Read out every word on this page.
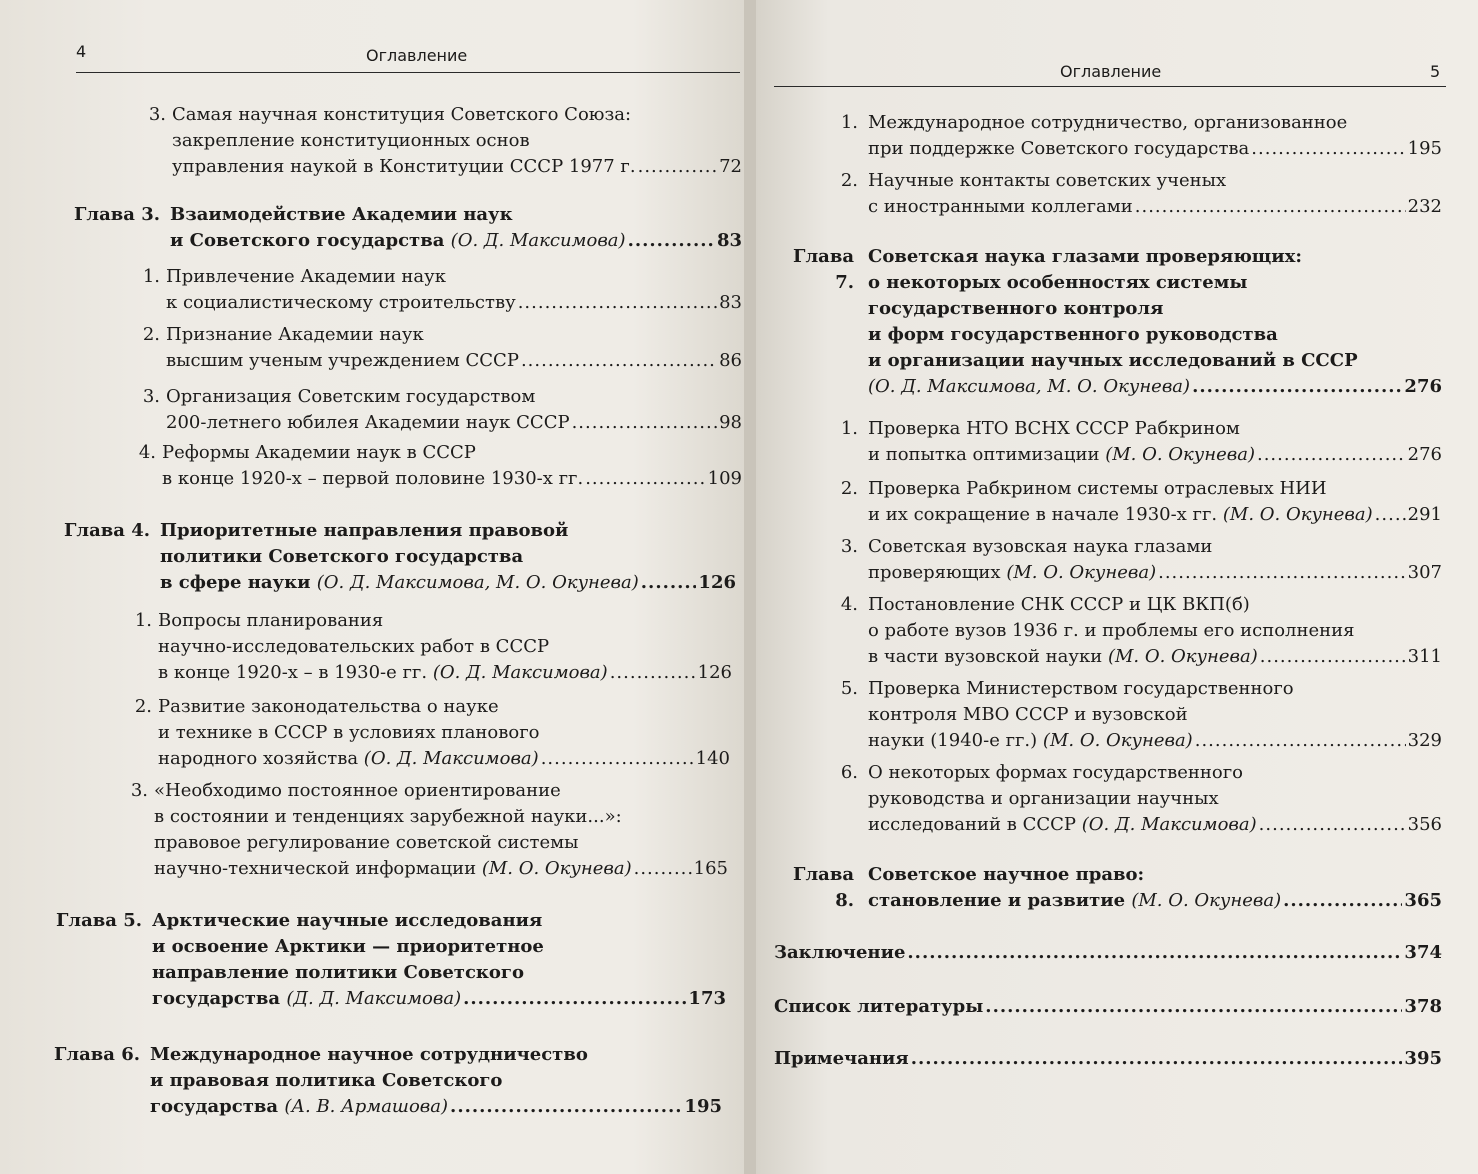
4	Оглавление
3. Самая научная конституция Советского Союза:
закрепление конституционных основ
управления наукой в Конституции СССР 1977 г. .....	72
Глава 3. Взаимодействие Академии наук
и Советского государства
(О. Д. Максимова) .....	83
1. Привлечение Академии наук
к социалистическому строительству .....	83
2. Признание Академии наук
высшим ученым учреждением СССР .....	86
3. Организация Советским государством
200-летнего юбилея Академии наук СССР .....	98
4. Реформы Академии наук в СССР
в конце 1920-х – первой половине 1930-х гг. .....	109
Глава 4. Приоритетные направления правовой
политики Советского государства
в сфере науки
(О. Д. Максимова, М. О. Окунева) .....	126
1. Вопросы планирования
научно-исследовательских работ в СССР
в конце 1920-х – в 1930-е гг.
(О. Д. Максимова) .....	126
2. Развитие законодательства о науке
и технике в СССР в условиях планового
народного хозяйства
(О. Д. Максимова) .....	140
3. «Необходимо постоянное ориентирование
в состоянии и тенденциях зарубежной науки...»:
правовое регулирование советской системы
научно-технической информации
(М. О. Окунева) .....	165
Глава 5. Арктические научные исследования
и освоение Арктики — приоритетное
направление политики Советского
государства
(Д. Д. Максимова) .....	173
Глава 6. Международное научное сотрудничество
и правовая политика Советского
государства
(А. В. Армашова) .....	195
Оглавление	5
1. Международное сотрудничество, организованное
при поддержке Советского государства .....	195
2. Научные контакты советских ученых
с иностранными коллегами .....	232
Глава 7.
Советская наука глазами проверяющих:
о некоторых особенностях системы
государственного контроля
и форм государственного руководства
и организации научных исследований в СССР
(О. Д. Максимова, М. О. Окунева) .....	276
1. Проверка НТО ВСНХ СССР Рабкрином
и попытка оптимизации
(М. О. Окунева) .....	276
2. Проверка Рабкрином системы отраслевых НИИ
и их сокращение в начале 1930-х гг.
(М. О. Окунева) ..... 291
3. Советская вузовская наука глазами
проверяющих
(М. О. Окунева) .....	307
4. Постановление СНК СССР и ЦК ВКП(б)
о работе вузов 1936 г. и проблемы его исполнения
в части вузовской науки
(М. О. Окунева) .....	311
5. Проверка Министерством государственного
контроля МВО СССР и вузовской
науки (1940-е гг.)
(М. О. Окунева) .....	329
6. О некоторых формах государственного
руководства и организации научных
исследований в СССР
(О. Д. Максимова) .....	356
Глава 8.
Советское научное право:
становление и развитие
(М. О. Окунева) .....	365
Заключение .....	374
Список литературы .....	378
Примечания .....	395
